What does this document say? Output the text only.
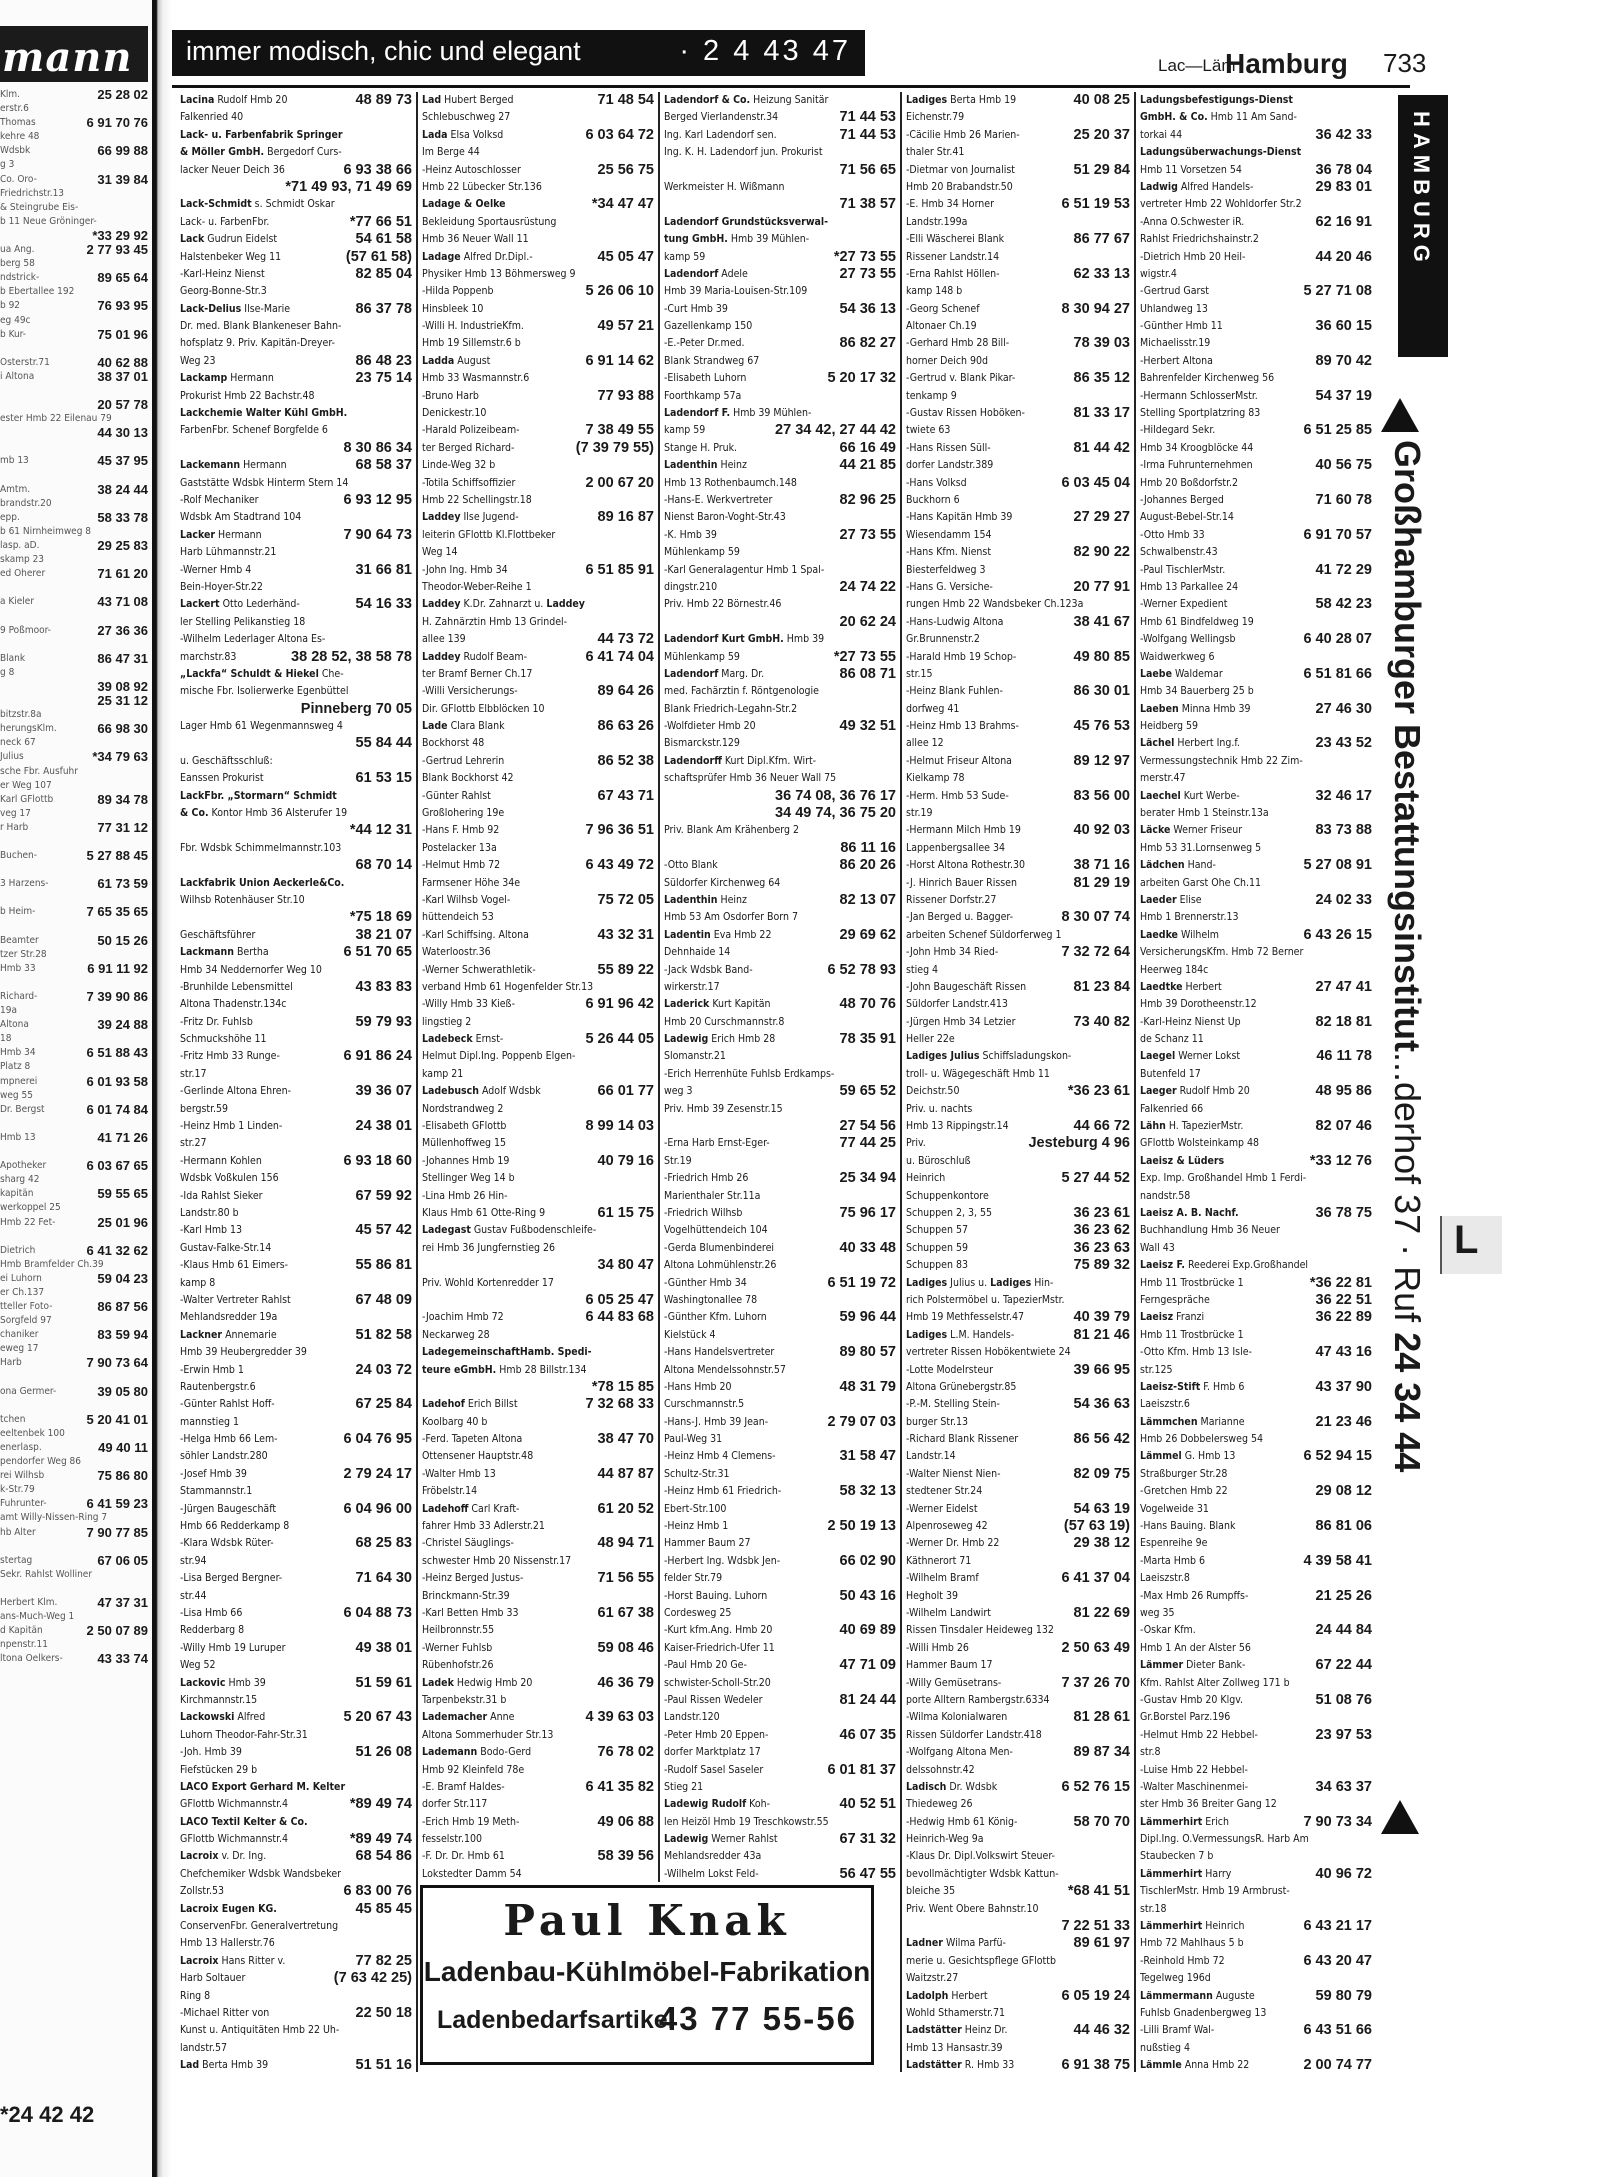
mann
Klm.	25 28 02
erstr.6
Thomas	6 91 70 76
kehre 48
Wdsbk	66 99 88
g 3
Co. Oro-	31 39 84
Friedrichstr.13
& Steingrube Eis-
b 11 Neue Gröninger-
*33 29 92
ua Ang.	2 77 93 45
berg 58
ndstrick-	89 65 64
b Ebertallee 192
b 92	76 93 95
eg 49c
b Kur-	75 01 96
Osterstr.71	40 62 88
i Altona	38 37 01
20 57 78
ester Hmb 22 Eilenau 79
44 30 13
mb 13	45 37 95
Amtm.	38 24 44
brandstr.20
epp.	58 33 78
b 61 Nirnheimweg 8
lasp. aD.	29 25 83
skamp 23
ed Oherer	71 61 20
a Kieler	43 71 08
9 Poßmoor-	27 36 36
Blank	86 47 31
g 8
39 08 92
25 31 12
bitzstr.8a
herungsKlm.	66 98 30
neck 67
Julius	*34 79 63
sche Fbr. Ausfuhr
er Weg 107
Karl GFlottb	89 34 78
veg 17
r Harb	77 31 12
Buchen-	5 27 88 45
3 Harzens-	61 73 59
b Heim-	7 65 35 65
Beamter	50 15 26
tzer Str.28
Hmb 33	6 91 11 92
Richard-	7 39 90 86
19a
Altona	39 24 88
18
Hmb 34	6 51 88 43
Platz 8
mpnerei	6 01 93 58
weg 55
Dr. Bergst	6 01 74 84
Hmb 13	41 71 26
Apotheker	6 03 67 65
sharg 42
kapitän	59 55 65
werkoppel 25
Hmb 22 Fet-	25 01 96
Dietrich	6 41 32 62
Hmb Bramfelder Ch.39
ei Luhorn	59 04 23
er Ch.137
tteller Foto-	86 87 56
Sorgfeld 97
chaniker	83 59 94
eweg 17
Harb	7 90 73 64
ona Germer-	39 05 80
tchen	5 20 41 01
eeltenbek 100
enerlasp.	49 40 11
pendorfer Weg 86
rei Wilhsb	75 86 80
k-Str.79
Fuhrunter-	6 41 59 23
amt Willy-Nissen-Ring 7
hb Alter	7 90 77 85
stertag	67 06 05
Sekr. Rahlst Wolliner
Herbert Klm.	47 37 31
ans-Much-Weg 1
d Kapitän	2 50 07 89
npenstr.11
ltona Oelkers-	43 33 74
*24 42 42
immer modisch, chic und elegant	· 2 4 43 47	Lac—Läm
Hamburg 733
Lacina Rudolf Hmb 20	48 89 73
Falkenried 40
Lack- u. Farbenfabrik Springer
& Möller GmbH. Bergedorf Curs-
lacker Neuer Deich 36	6 93 38 66
*71 49 93, 71 49 69
Lack-Schmidt s. Schmidt Oskar
Lack- u. FarbenFbr.	*77 66 51
Lack Gudrun Eidelst	54 61 58
Halstenbeker Weg 11	(57 61 58)
-Karl-Heinz Nienst	82 85 04
Georg-Bonne-Str.3
Lack-Delius Ilse-Marie	86 37 78
Dr. med. Blank Blankeneser Bahn-
hofsplatz 9. Priv. Kapitän-Dreyer-
Weg 23	86 48 23
Lackamp Hermann	23 75 14
Prokurist Hmb 22 Bachstr.48
Lackchemie Walter Kühl GmbH.
FarbenFbr. Schenef Borgfelde 6
8 30 86 34
Lackemann Hermann	68 58 37
Gaststätte Wdsbk Hinterm Stern 14
-Rolf Mechaniker	6 93 12 95
Wdsbk Am Stadtrand 104
Lacker Hermann	7 90 64 73
Harb Lühmannstr.21
-Werner Hmb 4	31 66 81
Bein-Hoyer-Str.22
Lackert Otto Lederhänd-	54 16 33
ler Stelling Pelikanstieg 18
-Wilhelm Lederlager Altona Es-
marchstr.83	38 28 52, 38 58 78
„Lackfa“ Schuldt & Hiekel Che-
mische Fbr. Isolierwerke Egenbüttel
Pinneberg 70 05
Lager Hmb 61 Wegenmannsweg 4
55 84 44
u. Geschäftsschluß:
Eanssen Prokurist	61 53 15
LackFbr. „Stormarn“ Schmidt
& Co. Kontor Hmb 36 Alsterufer 19
*44 12 31
Fbr. Wdsbk Schimmelmannstr.103
68 70 14
Lackfabrik Union Aeckerle&Co.
Wilhsb Rotenhäuser Str.10
*75 18 69
Geschäftsführer	38 21 07
Lackmann Bertha	6 51 70 65
Hmb 34 Neddernorfer Weg 10
-Brunhilde Lebensmittel	43 83 83
Altona Thadenstr.134c
-Fritz Dr. Fuhlsb	59 79 93
Schmuckshöhe 11
-Fritz Hmb 33 Runge-	6 91 86 24
str.17
-Gerlinde Altona Ehren-	39 36 07
bergstr.59
-Heinz Hmb 1 Linden-	24 38 01
str.27
-Hermann Kohlen	6 93 18 60
Wdsbk Voßkulen 156
-Ida Rahlst Sieker	67 59 92
Landstr.80 b
-Karl Hmb 13	45 57 42
Gustav-Falke-Str.14
-Klaus Hmb 61 Eimers-	55 86 81
kamp 8
-Walter Vertreter Rahlst	67 48 09
Mehlandsredder 19a
Lackner Annemarie	51 82 58
Hmb 39 Heubergredder 39
-Erwin Hmb 1	24 03 72
Rautenbergstr.6
-Günter Rahlst Hoff-	67 25 84
mannstieg 1
-Helga Hmb 66 Lem-	6 04 76 95
söhler Landstr.280
-Josef Hmb 39	2 79 24 17
Stammannstr.1
-Jürgen Baugeschäft	6 04 96 00
Hmb 66 Redderkamp 8
-Klara Wdsbk Rüter-	68 25 83
str.94
-Lisa Berged Bergner-	71 64 30
str.44
-Lisa Hmb 66	6 04 88 73
Redderbarg 8
-Willy Hmb 19 Luruper	49 38 01
Weg 52
Lackovic Hmb 39	51 59 61
Kirchmannstr.15
Lackowski Alfred	5 20 67 43
Luhorn Theodor-Fahr-Str.31
-Joh. Hmb 39	51 26 08
Fiefstücken 29 b
LACO Export Gerhard M. Kelter
GFlottb Wichmannstr.4	*89 49 74
LACO Textil Kelter & Co.
GFlottb Wichmannstr.4	*89 49 74
Lacroix v. Dr. Ing.	68 54 86
Chefchemiker Wdsbk Wandsbeker
Zollstr.53	6 83 00 76
Lacroix Eugen KG.	45 85 45
ConservenFbr. Generalvertretung
Hmb 13 Hallerstr.76
Lacroix Hans Ritter v.	77 82 25
Harb Soltauer	(7 63 42 25)
Ring 8
-Michael Ritter von	22 50 18
Kunst u. Antiquitäten Hmb 22 Uh-
landstr.57
Lad Berta Hmb 39	51 51 16
Lad Hubert Berged	71 48 54
Schlebuschweg 27
Lada Elsa Volksd	6 03 64 72
Im Berge 44
-Heinz Autoschlosser	25 56 75
Hmb 22 Lübecker Str.136
Ladage & Oelke	*34 47 47
Bekleidung Sportausrüstung
Hmb 36 Neuer Wall 11
Ladage Alfred Dr.Dipl.-	45 05 47
Physiker Hmb 13 Böhmersweg 9
-Hilda Poppenb	5 26 06 10
Hinsbleek 10
-Willi H. IndustrieKfm.	49 57 21
Hmb 19 Sillemstr.6 b
Ladda August	6 91 14 62
Hmb 33 Wasmannstr.6
-Bruno Harb	77 93 88
Denickestr.10
-Harald Polizeibeam-	7 38 49 55
ter Berged Richard-	(7 39 79 55)
Linde-Weg 32 b
-Totila Schiffsoffizier	2 00 67 20
Hmb 22 Schellingstr.18
Laddey Ilse Jugend-	89 16 87
leiterin GFlottb Kl.Flottbeker
Weg 14
-John Ing. Hmb 34	6 51 85 91
Theodor-Weber-Reihe 1
Laddey K.Dr. Zahnarzt u. Laddey
H. Zahnärztin Hmb 13 Grindel-
allee 139	44 73 72
Laddey Rudolf Beam-	6 41 74 04
ter Bramf Berner Ch.17
-Willi Versicherungs-	89 64 26
Dir. GFlottb Elbblöcken 10
Lade Clara Blank	86 63 26
Bockhorst 48
-Gertrud Lehrerin	86 52 38
Blank Bockhorst 42
-Günter Rahlst	67 43 71
Großlohering 19e
-Hans F. Hmb 92	7 96 36 51
Postelacker 13a
-Helmut Hmb 72	6 43 49 72
Farmsener Höhe 34e
-Karl Wilhsb Vogel-	75 72 05
hüttendeich 53
-Karl Schiffsing. Altona	43 32 31
Waterloostr.36
-Werner Schwerathletik-	55 89 22
verband Hmb 61 Hogenfelder Str.13
-Willy Hmb 33 Kieß-	6 91 96 42
lingstieg 2
Ladebeck Ernst-	5 26 44 05
Helmut Dipl.Ing. Poppenb Elgen-
kamp 21
Ladebusch Adolf Wdsbk	66 01 77
Nordstrandweg 2
-Elisabeth GFlottb	8 99 14 03
Müllenhoffweg 15
-Johannes Hmb 19	40 79 16
Stellinger Weg 14 b
-Lina Hmb 26 Hin-
Klaus Hmb 61 Otte-Ring 9	61 15 75
Ladegast Gustav Fußbodenschleife-
rei Hmb 36 Jungfernstieg 26
34 80 47
Priv. Wohld Kortenredder 17
6 05 25 47
-Joachim Hmb 72	6 44 83 68
Neckarweg 28
LadegemeinschaftHamb. Spedi-
teure eGmbH. Hmb 28 Billstr.134
*78 15 85
Ladehof Erich Billst	7 32 68 33
Koolbarg 40 b
-Ferd. Tapeten Altona	38 47 70
Ottensener Hauptstr.48
-Walter Hmb 13	44 87 87
Fröbelstr.14
Ladehoff Carl Kraft-	61 20 52
fahrer Hmb 33 Adlerstr.21
-Christel Säuglings-	48 94 71
schwester Hmb 20 Nissenstr.17
-Heinz Berged Justus-	71 56 55
Brinckmann-Str.39
-Karl Betten Hmb 33	61 67 38
Heilbronnstr.55
-Werner Fuhlsb	59 08 46
Rübenhofstr.26
Ladek Hedwig Hmb 20	46 36 79
Tarpenbekstr.31 b
Lademacher Anne	4 39 63 03
Altona Sommerhuder Str.13
Lademann Bodo-Gerd	76 78 02
Hmb 92 Kleinfeld 78e
-E. Bramf Haldes-	6 41 35 82
dorfer Str.117
-Erich Hmb 19 Meth-	49 06 88
fesselstr.100
-F. Dr. Dr. Hmb 61	58 39 56
Lokstedter Damm 54
Ladendorf & Co. Heizung Sanitär
Berged Vierlandenstr.34	71 44 53
Ing. Karl Ladendorf sen.	71 44 53
Ing. K. H. Ladendorf jun. Prokurist
71 56 65
Werkmeister H. Wißmann
71 38 57
Ladendorf Grundstücksverwal-
tung GmbH. Hmb 39 Mühlen-
kamp 59	*27 73 55
Ladendorf Adele	27 73 55
Hmb 39 Maria-Louisen-Str.109
-Curt Hmb 39	54 36 13
Gazellenkamp 150
-E.-Peter Dr.med.	86 82 27
Blank Strandweg 67
-Elisabeth Luhorn	5 20 17 32
Foorthkamp 57a
Ladendorf F. Hmb 39 Mühlen-
kamp 59	27 34 42, 27 44 42
Stange H. Pruk.	66 16 49
Ladenthin Heinz	44 21 85
Hmb 13 Rothenbaumch.148
-Hans-E. Werkvertreter	82 96 25
Nienst Baron-Voght-Str.43
-K. Hmb 39	27 73 55
Mühlenkamp 59
-Karl Generalagentur Hmb 1 Spal-
dingstr.210	24 74 22
Priv. Hmb 22 Börnestr.46
20 62 24
Ladendorf Kurt GmbH. Hmb 39
Mühlenkamp 59	*27 73 55
Ladendorf Marg. Dr.	86 08 71
med. Fachärztin f. Röntgenologie
Blank Friedrich-Legahn-Str.2
-Wolfdieter Hmb 20	49 32 51
Bismarckstr.129
Ladendorff Kurt Dipl.Kfm. Wirt-
schaftsprüfer Hmb 36 Neuer Wall 75
36 74 08, 36 76 17
34 49 74, 36 75 20
Priv. Blank Am Krähenberg 2
86 11 16
-Otto Blank	86 20 26
Süldorfer Kirchenweg 64
Ladenthin Heinz	82 13 07
Hmb 53 Am Osdorfer Born 7
Ladentin Eva Hmb 22	29 69 62
Dehnhaide 14
-Jack Wdsbk Band-	6 52 78 93
wirkerstr.17
Laderick Kurt Kapitän	48 70 76
Hmb 20 Curschmannstr.8
Ladewig Erich Hmb 28	78 35 91
Slomanstr.21
-Erich Herrenhüte Fuhlsb Erdkamps-
weg 3	59 65 52
Priv. Hmb 39 Zesenstr.15
27 54 56
-Erna Harb Ernst-Eger-	77 44 25
Str.19
-Friedrich Hmb 26	25 34 94
Marienthaler Str.11a
-Friedrich Wilhsb	75 96 17
Vogelhüttendeich 104
-Gerda Blumenbinderei	40 33 48
Altona Lohmühlenstr.26
-Günther Hmb 34	6 51 19 72
Washingtonallee 78
-Günther Kfm. Luhorn	59 96 44
Kielstück 4
-Hans Handelsvertreter	89 80 57
Altona Mendelssohnstr.57
-Hans Hmb 20	48 31 79
Curschmannstr.5
-Hans-J. Hmb 39 Jean-	2 79 07 03
Paul-Weg 31
-Heinz Hmb 4 Clemens-	31 58 47
Schultz-Str.31
-Heinz Hmb 61 Friedrich-	58 32 13
Ebert-Str.100
-Heinz Hmb 1	2 50 19 13
Hammer Baum 27
-Herbert Ing. Wdsbk Jen-	66 02 90
felder Str.79
-Horst Bauing. Luhorn	50 43 16
Cordesweg 25
-Kurt kfm.Ang. Hmb 20	40 69 89
Kaiser-Friedrich-Ufer 11
-Paul Hmb 20 Ge-	47 71 09
schwister-Scholl-Str.20
-Paul Rissen Wedeler	81 24 44
Landstr.120
-Peter Hmb 20 Eppen-	46 07 35
dorfer Marktplatz 17
-Rudolf Sasel Saseler	6 01 81 37
Stieg 21
Ladewig Rudolf Koh-	40 52 51
len Heizöl Hmb 19 Treschkowstr.55
Ladewig Werner Rahlst	67 31 32
Mehlandsredder 43a
-Wilhelm Lokst Feld-	56 47 55
Ladiges Berta Hmb 19	40 08 25
Eichenstr.79
-Cäcilie Hmb 26 Marien-	25 20 37
thaler Str.41
-Dietmar von Journalist	51 29 84
Hmb 20 Brabandstr.50
-E. Hmb 34 Horner	6 51 19 53
Landstr.199a
-Elli Wäscherei Blank	86 77 67
Rissener Landstr.14
-Erna Rahlst Höllen-	62 33 13
kamp 148 b
-Georg Schenef	8 30 94 27
Altonaer Ch.19
-Gerhard Hmb 28 Bill-	78 39 03
horner Deich 90d
-Gertrud v. Blank Pikar-	86 35 12
tenkamp 9
-Gustav Rissen Hoböken-	81 33 17
twiete 63
-Hans Rissen Süll-	81 44 42
dorfer Landstr.389
-Hans Volksd	6 03 45 04
Buckhorn 6
-Hans Kapitän Hmb 39	27 29 27
Wiesendamm 154
-Hans Kfm. Nienst	82 90 22
Biesterfeldweg 3
-Hans G. Versiche-	20 77 91
rungen Hmb 22 Wandsbeker Ch.123a
-Hans-Ludwig Altona	38 41 67
Gr.Brunnenstr.2
-Harald Hmb 19 Schop-	49 80 85
str.15
-Heinz Blank Fuhlen-	86 30 01
dorfweg 41
-Heinz Hmb 13 Brahms-	45 76 53
allee 12
-Helmut Friseur Altona	89 12 97
Kielkamp 78
-Herm. Hmb 53 Sude-	83 56 00
str.19
-Hermann Milch Hmb 19	40 92 03
Lappenbergsallee 34
-Horst Altona Rothestr.30	38 71 16
-J. Hinrich Bauer Rissen	81 29 19
Rissener Dorfstr.27
-Jan Berged u. Bagger-	8 30 07 74
arbeiten Schenef Süldorferweg 1
-John Hmb 34 Ried-	7 32 72 64
stieg 4
-John Baugeschäft Rissen	81 23 84
Süldorfer Landstr.413
-Jürgen Hmb 34 Letzier	73 40 82
Heller 22e
Ladiges Julius Schiffsladungskon-
troll- u. Wägegeschäft Hmb 11
Deichstr.50	*36 23 61
Priv. u. nachts
Hmb 13 Rippingstr.14	44 66 72
Priv.	Jesteburg 4 96
u. Büroschluß
Heinrich	5 27 44 52
Schuppenkontore
Schuppen 2, 3, 55	36 23 61
Schuppen 57	36 23 62
Schuppen 59	36 23 63
Schuppen 83	75 89 32
Ladiges Julius u. Ladiges Hin-
rich Polstermöbel u. TapezierMstr.
Hmb 19 Methfesselstr.47	40 39 79
Ladiges L.M. Handels-	81 21 46
vertreter Rissen Hobökentwiete 24
-Lotte Modelrsteur	39 66 95
Altona Grünebergstr.85
-P.-M. Stelling Stein-	54 36 63
burger Str.13
-Richard Blank Rissener	86 56 42
Landstr.14
-Walter Nienst Nien-	82 09 75
stedtener Str.24
-Werner Eidelst	54 63 19
Alpenroseweg 42	(57 63 19)
-Werner Dr. Hmb 22	29 38 12
Käthnerort 71
-Wilhelm Bramf	6 41 37 04
Hegholt 39
-Wilhelm Landwirt	81 22 69
Rissen Tinsdaler Heideweg 132
-Willi Hmb 26	2 50 63 49
Hammer Baum 17
-Willy Gemüsetrans-	7 37 26 70
porte Alltern Rambergstr.6334
-Wilma Kolonialwaren	81 28 61
Rissen Süldorfer Landstr.418
-Wolfgang Altona Men-	89 87 34
delssohnstr.42
Ladisch Dr. Wdsbk	6 52 76 15
Thiedeweg 26
-Hedwig Hmb 61 König-	58 70 70
Heinrich-Weg 9a
-Klaus Dr. Dipl.Volkswirt Steuer-
bevollmächtigter Wdsbk Kattun-
bleiche 35	*68 41 51
Priv. Went Obere Bahnstr.10
7 22 51 33
Ladner Wilma Parfü-	89 61 97
merie u. Gesichtspflege GFlottb
Waitzstr.27
Ladolph Herbert	6 05 19 24
Wohld Sthamerstr.71
Ladstätter Heinz Dr.	44 46 32
Hmb 13 Hansastr.39
Ladstätter R. Hmb 33	6 91 38 75
Ladungsbefestigungs-Dienst
GmbH. & Co. Hmb 11 Am Sand-
torkai 44	36 42 33
Ladungsüberwachungs-Dienst
Hmb 11 Vorsetzen 54	36 78 04
Ladwig Alfred Handels-	29 83 01
vertreter Hmb 22 Wohldorfer Str.2
-Anna O.Schwester iR.	62 16 91
Rahlst Friedrichshainstr.2
-Dietrich Hmb 20 Heil-	44 20 46
wigstr.4
-Gertrud Garst	5 27 71 08
Uhlandweg 13
-Günther Hmb 11	36 60 15
Michaelisstr.19
-Herbert Altona	89 70 42
Bahrenfelder Kirchenweg 56
-Hermann SchlosserMstr.	54 37 19
Stelling Sportplatzring 83
-Hildegard Sekr.	6 51 25 85
Hmb 34 Kroogblöcke 44
-Irma Fuhrunternehmen	40 56 75
Hmb 20 Boßdorfstr.2
-Johannes Berged	71 60 78
August-Bebel-Str.14
-Otto Hmb 33	6 91 70 57
Schwalbenstr.43
-Paul TischlerMstr.	41 72 29
Hmb 13 Parkallee 24
-Werner Expedient	58 42 23
Hmb 61 Bindfeldweg 19
-Wolfgang Wellingsb	6 40 28 07
Waidwerkweg 6
Laebe Waldemar	6 51 81 66
Hmb 34 Bauerberg 25 b
Laeben Minna Hmb 39	27 46 30
Heidberg 59
Lächel Herbert Ing.f.	23 43 52
Vermessungstechnik Hmb 22 Zim-
merstr.47
Laechel Kurt Werbe-	32 46 17
berater Hmb 1 Steinstr.13a
Läcke Werner Friseur	83 73 88
Hmb 53 31.Lornsenweg 5
Lädchen Hand-	5 27 08 91
arbeiten Garst Ohe Ch.11
Laeder Elise	24 02 33
Hmb 1 Brennerstr.13
Laedke Wilhelm	6 43 26 15
VersicherungsKfm. Hmb 72 Berner
Heerweg 184c
Laedtke Herbert	27 47 41
Hmb 39 Dorotheenstr.12
-Karl-Heinz Nienst Up	82 18 81
de Schanz 11
Laegel Werner Lokst	46 11 78
Butenfeld 17
Laeger Rudolf Hmb 20	48 95 86
Falkenried 66
Lähn H. TapezierMstr.	82 07 46
GFlottb Wolsteinkamp 48
Laeisz & Lüders	*33 12 76
Exp. Imp. Großhandel Hmb 1 Ferdi-
nandstr.58
Laeisz A. B. Nachf.	36 78 75
Buchhandlung Hmb 36 Neuer
Wall 43
Laeisz F. Reederei Exp.Großhandel
Hmb 11 Trostbrücke 1	*36 22 81
Ferngespräche	36 22 51
Laeisz Franzi	36 22 89
Hmb 11 Trostbrücke 1
-Otto Kfm. Hmb 13 Isle-	47 43 16
str.125
Laeisz-Stift F. Hmb 6	43 37 90
Laeiszstr.6
Lämmchen Marianne	21 23 46
Hmb 26 Dobbelersweg 54
Lämmel G. Hmb 13	6 52 94 15
Straßburger Str.28
-Gretchen Hmb 22	29 08 12
Vogelweide 31
-Hans Bauing. Blank	86 81 06
Espenreihe 9e
-Marta Hmb 6	4 39 58 41
Laeiszstr.8
-Max Hmb 26 Rumpffs-	21 25 26
weg 35
-Oskar Kfm.	24 44 84
Hmb 1 An der Alster 56
Lämmer Dieter Bank-	67 22 44
Kfm. Rahlst Alter Zollweg 171 b
-Gustav Hmb 20 Klgv.	51 08 76
Gr.Borstel Parz.196
-Helmut Hmb 22 Hebbel-	23 97 53
str.8
-Luise Hmb 22 Hebbel-
-Walter Maschinenmei-	34 63 37
ster Hmb 36 Breiter Gang 12
Lämmerhirt Erich	7 90 73 34
Dipl.Ing. O.VermessungsR. Harb Am
Staubecken 7 b
Lämmerhirt Harry	40 96 72
TischlerMstr. Hmb 19 Armbrust-
str.18
Lämmerhirt Heinrich	6 43 21 17
Hmb 72 Mahlhaus 5 b
-Reinhold Hmb 72	6 43 20 47
Tegelweg 196d
Lämmermann Auguste	59 80 79
Fuhlsb Gnadenbergweg 13
-Lilli Bramf Wal-	6 43 51 66
nußstieg 4
Lämmle Anna Hmb 22	2 00 74 77
Paul Knak
Ladenbau-Kühlmöbel-Fabrikation
Ladenbedarfsartikel
43 77 55-56
HAMBURG
Großhamburger Bestattungsinstitut...derhof 37 · Ruf 24 34 44
L
